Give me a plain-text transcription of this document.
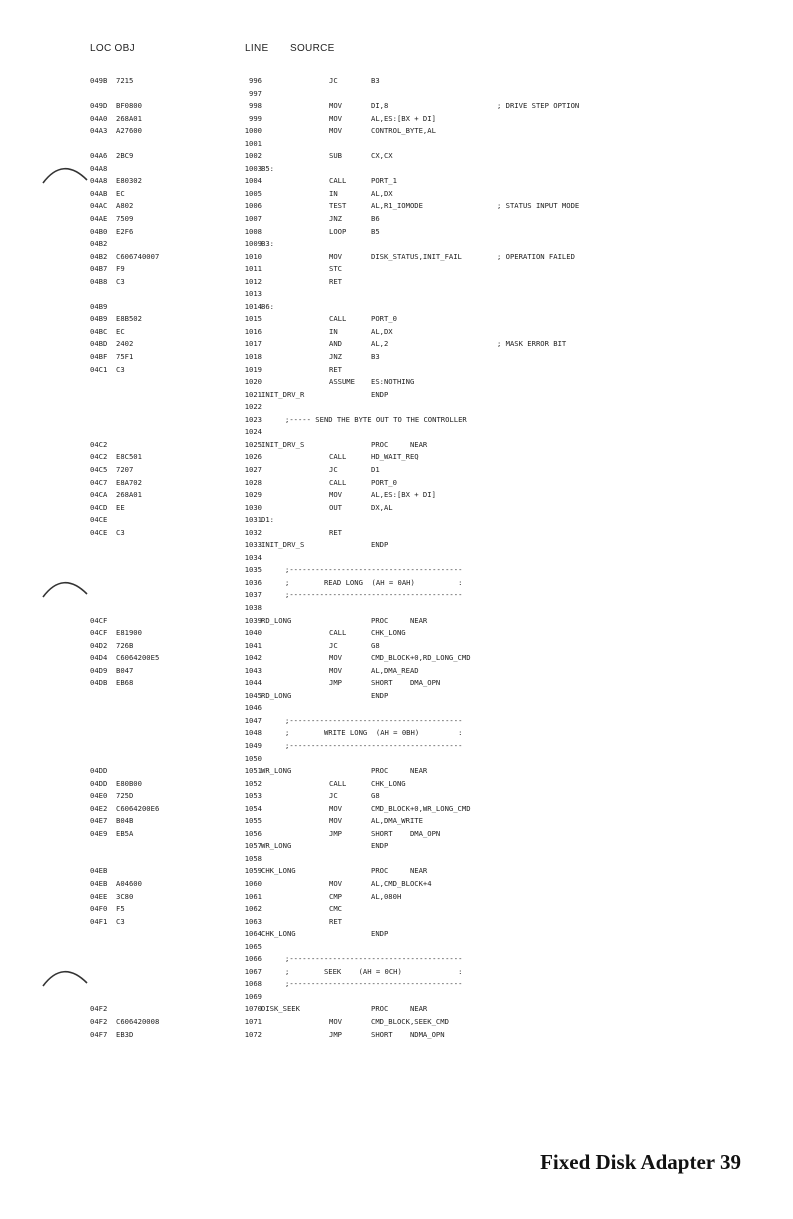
LOC OBJ	LINE SOURCE
049B 7215	996	JC	B3
997
049D BF0800	998	MOV	DI,8	; DRIVE STEP OPTION
04A0 268A01	999	MOV	AL,ES:[BX + DI]
04A3 A27600	1000	MOV	CONTROL_BYTE,AL
1001
04A6 2BC9	1002	SUB	CX,CX
04A8	1003 B5:
04A8 E80302	1004	CALL	PORT_1
04AB EC	1005	IN	AL,DX
04AC A802	1006	TEST	AL,R1_IOMODE	; STATUS INPUT MODE
04AE 7509	1007	JNZ	B6
04B0 E2F6	1008	LOOP	B5
04B2	1009 B3:
04B2 C606740007	1010	MOV	DISK_STATUS,INIT_FAIL	; OPERATION FAILED
04B7 F9	1011	STC
04B8 C3	1012	RET
1013
04B9	1014 B6:
04B9 E8B502	1015	CALL	PORT_0
04BC EC	1016	IN	AL,DX
04BD 2402	1017	AND	AL,2	; MASK ERROR BIT
04BF 75F1	1018	JNZ	B3
04C1 C3	1019	RET
1020	ASSUME ES:NOTHING
1021 INIT_DRV_R	ENDP
1022
1023	;----- SEND THE BYTE OUT TO THE CONTROLLER
1024
04C2	1025 INIT_DRV_S	PROC     NEAR
04C2 E8C501	1026	CALL	HD_WAIT_REQ
04C5 7207	1027	JC	D1
04C7 E8A702	1028	CALL	PORT_0
04CA 268A01	1029	MOV	AL,ES:[BX + DI]
04CD EE	1030	OUT	DX,AL
04CE	1031 D1:
04CE C3	1032	RET
1033 INIT_DRV_S	ENDP
1034
1035	;----------------------------------------
1036	;        READ LONG  (AH = 0AH)          :
1037	;----------------------------------------
1038
04CF	1039 RD_LONG	PROC     NEAR
04CF E81900	1040	CALL	CHK_LONG
04D2 726B	1041	JC	G8
04D4 C6064200E5	1042	MOV	CMD_BLOCK+0,RD_LONG_CMD
04D9 B047	1043	MOV	AL,DMA_READ
04DB EB68	1044	JMP	SHORT    DMA_OPN
1045 RD_LONG	ENDP
1046
1047	;----------------------------------------
1048	;        WRITE LONG  (AH = 0BH)         :
1049	;----------------------------------------
1050
04DD	1051 WR_LONG	PROC     NEAR
04DD E80B00	1052	CALL	CHK_LONG
04E0 725D	1053	JC	G8
04E2 C6064200E6	1054	MOV	CMD_BLOCK+0,WR_LONG_CMD
04E7 B04B	1055	MOV	AL,DMA_WRITE
04E9 EB5A	1056	JMP	SHORT    DMA_OPN
1057 WR_LONG	ENDP
1058
04EB	1059 CHK_LONG	PROC     NEAR
04EB A04600	1060	MOV	AL,CMD_BLOCK+4
04EE 3C80	1061	CMP	AL,080H
04F0 F5	1062	CMC
04F1 C3	1063	RET
1064 CHK_LONG	ENDP
1065
1066	;----------------------------------------
1067	;        SEEK    (AH = 0CH)             :
1068	;----------------------------------------
1069
04F2	1070 DISK_SEEK	PROC     NEAR
04F2 C606420008	1071	MOV	CMD_BLOCK,SEEK_CMD
04F7 EB3D	1072	JMP	SHORT    NDMA_OPN
Fixed Disk Adapter 39
